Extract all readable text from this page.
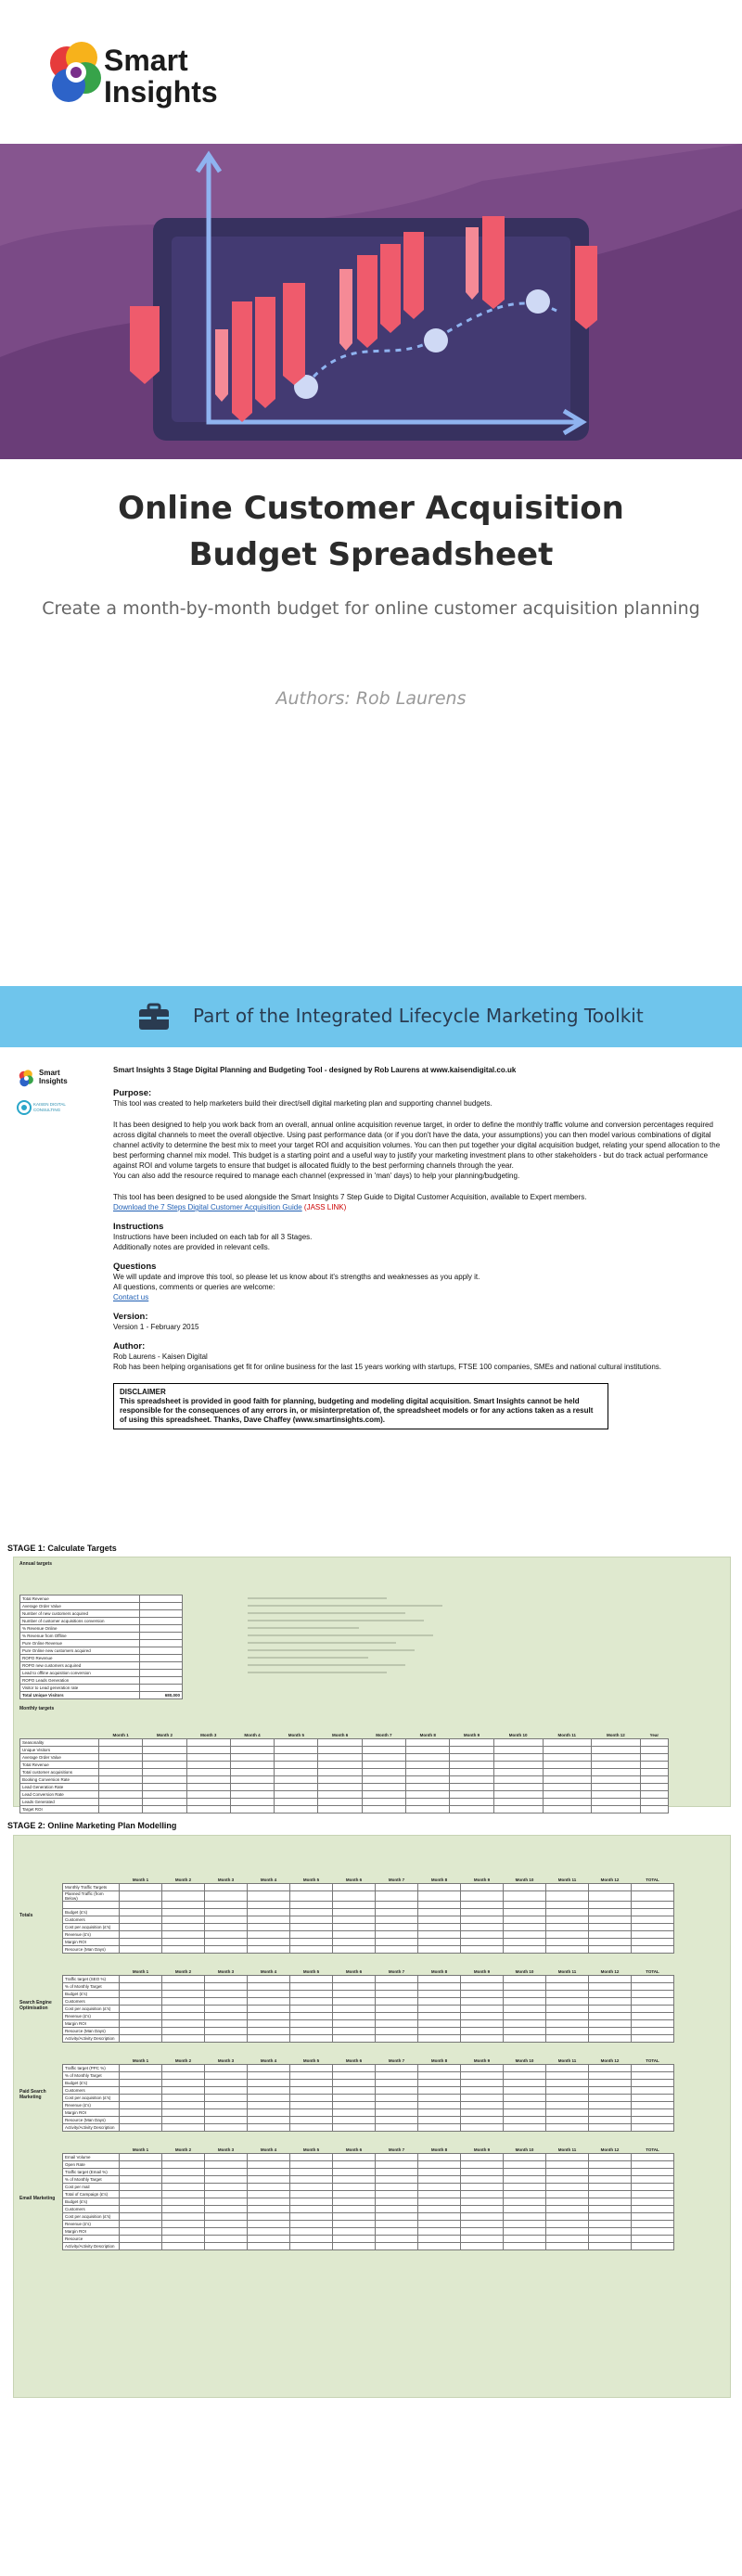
Smart
Insights
Online Customer Acquisition
Budget Spreadsheet
Create a month-by-month budget for online customer acquisition planning
Authors: Rob Laurens
Part of the Integrated Lifecycle Marketing Toolkit
Smart
Insights
KAISEN DIGITAL CONSULTING

Smart Insights 3 Stage Digital Planning and Budgeting Tool - designed by Rob Laurens at www.kaisendigital.co.uk

Purpose:

This tool was created to help marketers build their direct/sell digital marketing plan and supporting channel budgets.

It has been designed to help you work back from an overall, annual online acquisition revenue target, in order to define the monthly traffic volume and conversion percentages required across digital channels to meet the overall objective. Using past performance data (or if you don't have the data, your assumptions) you can then model various combinations of digital channel activity to determine the best mix to meet your target ROI and acquisition volumes. You can then put together your digital acquisition budget, relating your spend allocation to the best performing channel mix model. This budget is a starting point and a useful way to justify your marketing investment plans to other stakeholders - but do track actual performance against ROI and volume targets to ensure that budget is allocated fluidly to the best performing channels through the year.

You can also add the resource required to manage each channel (expressed in 'man' days) to help your planning/budgeting.

This tool has been designed to be used alongside the Smart Insights 7 Step Guide to Digital Customer Acquisition, available to Expert members.

Download the 7 Steps Digital Customer Acquisition Guide (JASS LINK)

Instructions

Instructions have been included on each tab for all 3 Stages.

Additionally notes are provided in relevant cells.

Questions

We will update and improve this tool, so please let us know about it's strengths and weaknesses as you apply it.

All questions, comments or queries are welcome:

Contact us

Version:

Version 1 - February 2015

Author:

Rob Laurens - Kaisen Digital

Rob has been helping organisations get fit for online business for the last 15 years working with startups, FTSE 100 companies, SMEs and national cultural institutions.

DISCLAIMER

This spreadsheet is provided in good faith for planning, budgeting and modeling digital acquisition. Smart Insights cannot be held responsible for the consequences of any errors in, or misinterpretation of, the spreadsheet models or for any actions taken as a result of using this spreadsheet. Thanks, Dave Chaffey (www.smartinsights.com).

STAGE 1: Calculate Targets
Annual targets
Total Revenue	
Average Order Value	
Number of new customers acquired	
Number of customer acquisitions conversion	
% Revenue Online	
% Revenue from Offline	
Pure Online Revenue	
Pure Online new customers acquired	
ROPO Revenue	
ROPO new customers acquired	
Lead to offline acquisition conversion	
ROPO Leads Generation	
Visitor to Lead generation rate	
Total Unique Visitors	680,000
Monthly targets
	Month 1	Month 2	Month 3	Month 4	Month 5	Month 6	Month 7	Month 8	Month 9	Month 10	Month 11	Month 12	Year
Seasonality													
Unique Visitors													
Average Order Value													
Total Revenue													
Total customer acquisitions													
Booking Conversion Rate													
Lead Generation Rate													
Lead Conversion Rate													
Leads Generated													
Target ROI													
STAGE 2: Online Marketing Plan Modelling
Totals
	Month 1	Month 2	Month 3	Month 4	Month 5	Month 6	Month 7	Month 8	Month 9	Month 10	Month 11	Month 12	TOTAL
Monthly Traffic Targets													
Planned Traffic (from Below)													

Budget (£'s)													
Customers													
Cost per acquisition (£'s)													
Revenue (£'s)													
Margin ROI													
Resource (Man Days)													
Search Engine Optimisation
	Month 1	Month 2	Month 3	Month 4	Month 5	Month 6	Month 7	Month 8	Month 9	Month 10	Month 11	Month 12	TOTAL
Traffic target (SEO %)													
% of Monthly Target													
Budget (£'s)													
Customers													
Cost per acquisition (£'s)													
Revenue (£'s)													
Margin ROI													
Resource (Man Days)													
Activity/Activity Description													
Paid Search Marketing
	Month 1	Month 2	Month 3	Month 4	Month 5	Month 6	Month 7	Month 8	Month 9	Month 10	Month 11	Month 12	TOTAL
Traffic target (PPC %)													
% of Monthly Target													
Budget (£'s)													
Customers													
Cost per acquisition (£'s)													
Revenue (£'s)													
Margin ROI													
Resource (Man Days)													
Activity/Activity Description													
Email Marketing
	Month 1	Month 2	Month 3	Month 4	Month 5	Month 6	Month 7	Month 8	Month 9	Month 10	Month 11	Month 12	TOTAL
Email Volume													
Open Rate													
Traffic target (Email %)													
% of Monthly Target													
Cost per mail													
Total of Campaign (£'s)													
Budget (£'s)													
Customers													
Cost per acquisition (£'s)													
Revenue (£'s)													
Margin ROI													
Resource													
Activity/Activity Description													
